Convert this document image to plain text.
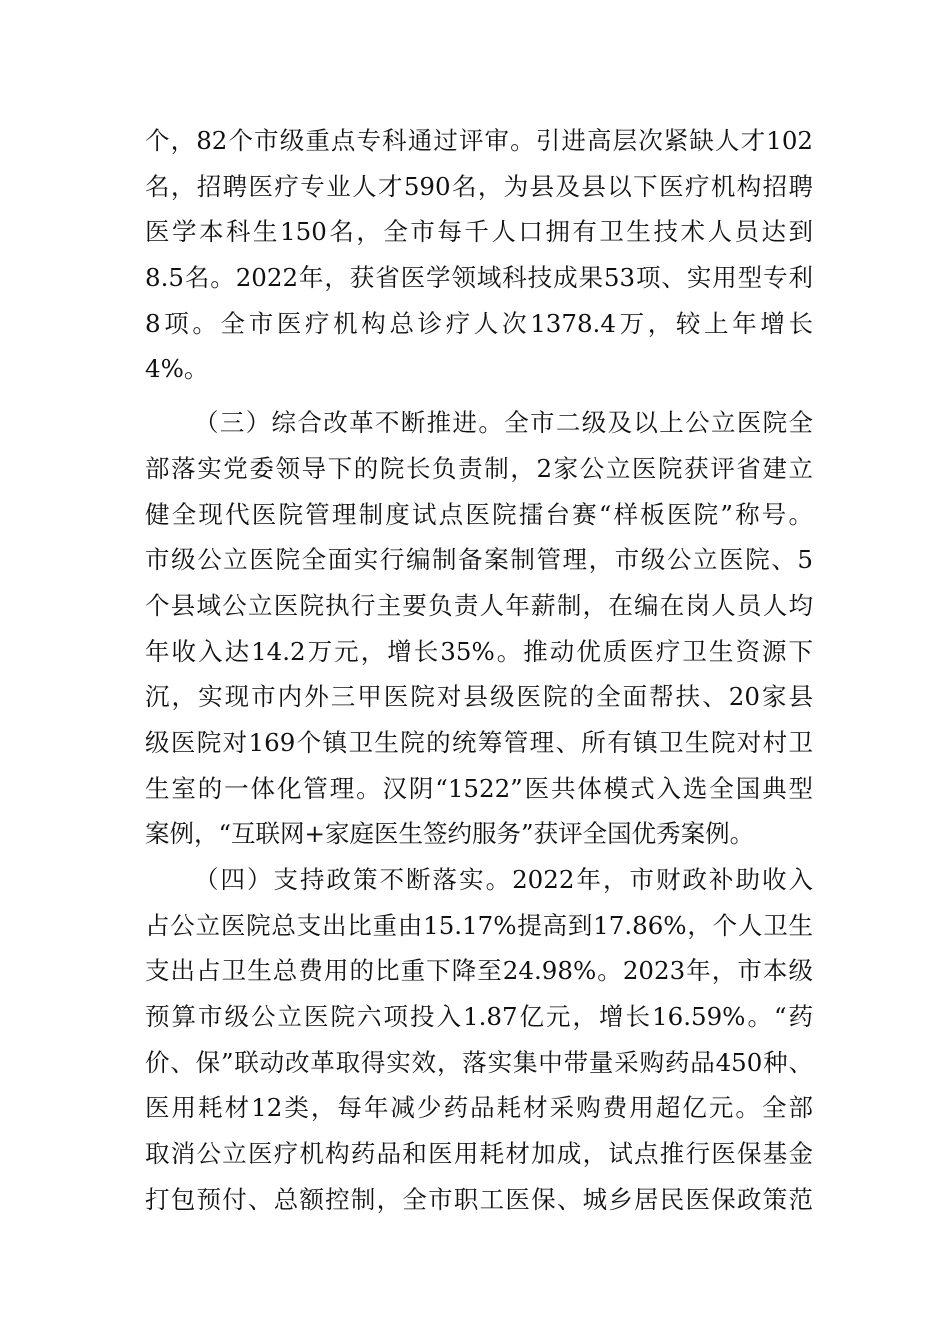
个，82个市级重点专科通过评审。引进高层次紧缺人才102
名，招聘医疗专业人才590名，为县及县以下医疗机构招聘
医学本科生150名，全市每千人口拥有卫生技术人员达到
8.5名。2022年，获省医学领域科技成果53项、实用型专利
8项。全市医疗机构总诊疗人次1378.4万，较上年增长
4%。
（三）综合改革不断推进。全市二级及以上公立医院全
部落实党委领导下的院长负责制，2家公立医院获评省建立
健全现代医院管理制度试点医院擂台赛“样板医院”称号。
市级公立医院全面实行编制备案制管理，市级公立医院、5
个县域公立医院执行主要负责人年薪制，在编在岗人员人均
年收入达14.2万元，增长35%。推动优质医疗卫生资源下
沉，实现市内外三甲医院对县级医院的全面帮扶、20家县
级医院对169个镇卫生院的统筹管理、所有镇卫生院对村卫
生室的一体化管理。汉阴“1522”医共体模式入选全国典型
案例，“互联网+家庭医生签约服务”获评全国优秀案例。
（四）支持政策不断落实。2022年，市财政补助收入
占公立医院总支出比重由15.17%提高到17.86%，个人卫生
支出占卫生总费用的比重下降至24.98%。2023年，市本级
预算市级公立医院六项投入1.87亿元，增长16.59%。“药
价、保”联动改革取得实效，落实集中带量采购药品450种、
医用耗材12类，每年减少药品耗材采购费用超亿元。全部
取消公立医疗机构药品和医用耗材加成，试点推行医保基金
打包预付、总额控制，全市职工医保、城乡居民医保政策范
